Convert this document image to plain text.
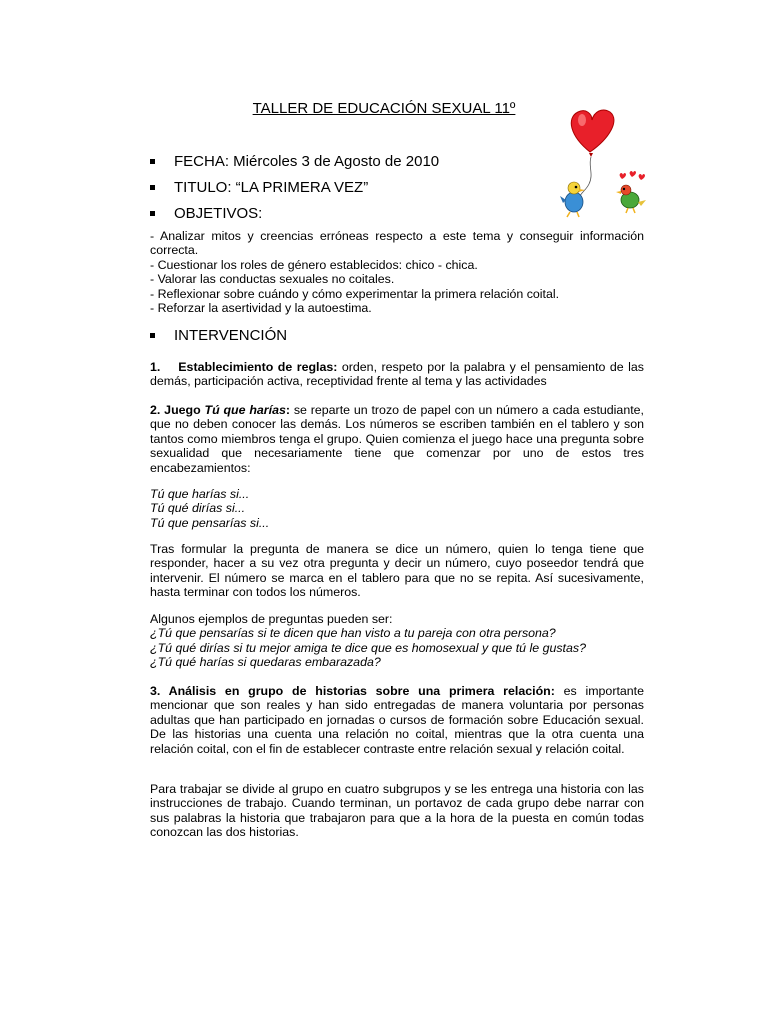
TALLER DE EDUCACIÓN SEXUAL 11º
FECHA: Miércoles 3 de Agosto de 2010
TITULO: “LA PRIMERA VEZ”
OBJETIVOS:
- Analizar mitos y creencias erróneas respecto a este tema y conseguir información correcta.
- Cuestionar los roles de género establecidos: chico - chica.
- Valorar las conductas sexuales no coitales.
- Reflexionar sobre cuándo y cómo experimentar la primera relación coital.
- Reforzar la asertividad y la autoestima.
INTERVENCIÓN
1. Establecimiento de reglas: orden, respeto por la palabra y el pensamiento de las demás, participación activa, receptividad frente al tema y las actividades
2. Juego Tú que harías: se reparte un trozo de papel con un número a cada estudiante, que no deben conocer las demás. Los números se escriben también en el tablero y son tantos como miembros tenga el grupo. Quien comienza el juego hace una pregunta sobre sexualidad que necesariamente tiene que comenzar por uno de estos tres encabezamientos:
Tú que harías si...
Tú qué dirías si...
Tú que pensarías si...
Tras formular la pregunta de manera se dice un número, quien lo tenga tiene que responder, hacer a su vez otra pregunta y decir un número, cuyo poseedor tendrá que intervenir. El número se marca en el tablero para que no se repita. Así sucesivamente, hasta terminar con todos los números.
Algunos ejemplos de preguntas pueden ser:
¿Tú que pensarías si te dicen que han visto a tu pareja con otra persona?
¿Tú qué dirías si tu mejor amiga te dice que es homosexual y que tú le gustas?
¿Tú qué harías si quedaras embarazada?
3. Análisis en grupo de historias sobre una primera relación: es importante mencionar que son reales y han sido entregadas de manera voluntaria por personas adultas que han participado en jornadas o cursos de formación sobre Educación sexual. De las historias una cuenta una relación no coital, mientras que la otra cuenta una relación coital, con el fin de establecer contraste entre relación sexual y relación coital.
Para trabajar se divide al grupo en cuatro subgrupos y se les entrega una historia con las instrucciones de trabajo. Cuando terminan, un portavoz de cada grupo debe narrar con sus palabras la historia que trabajaron para que a la hora de la puesta en común todas conozcan las dos historias.
